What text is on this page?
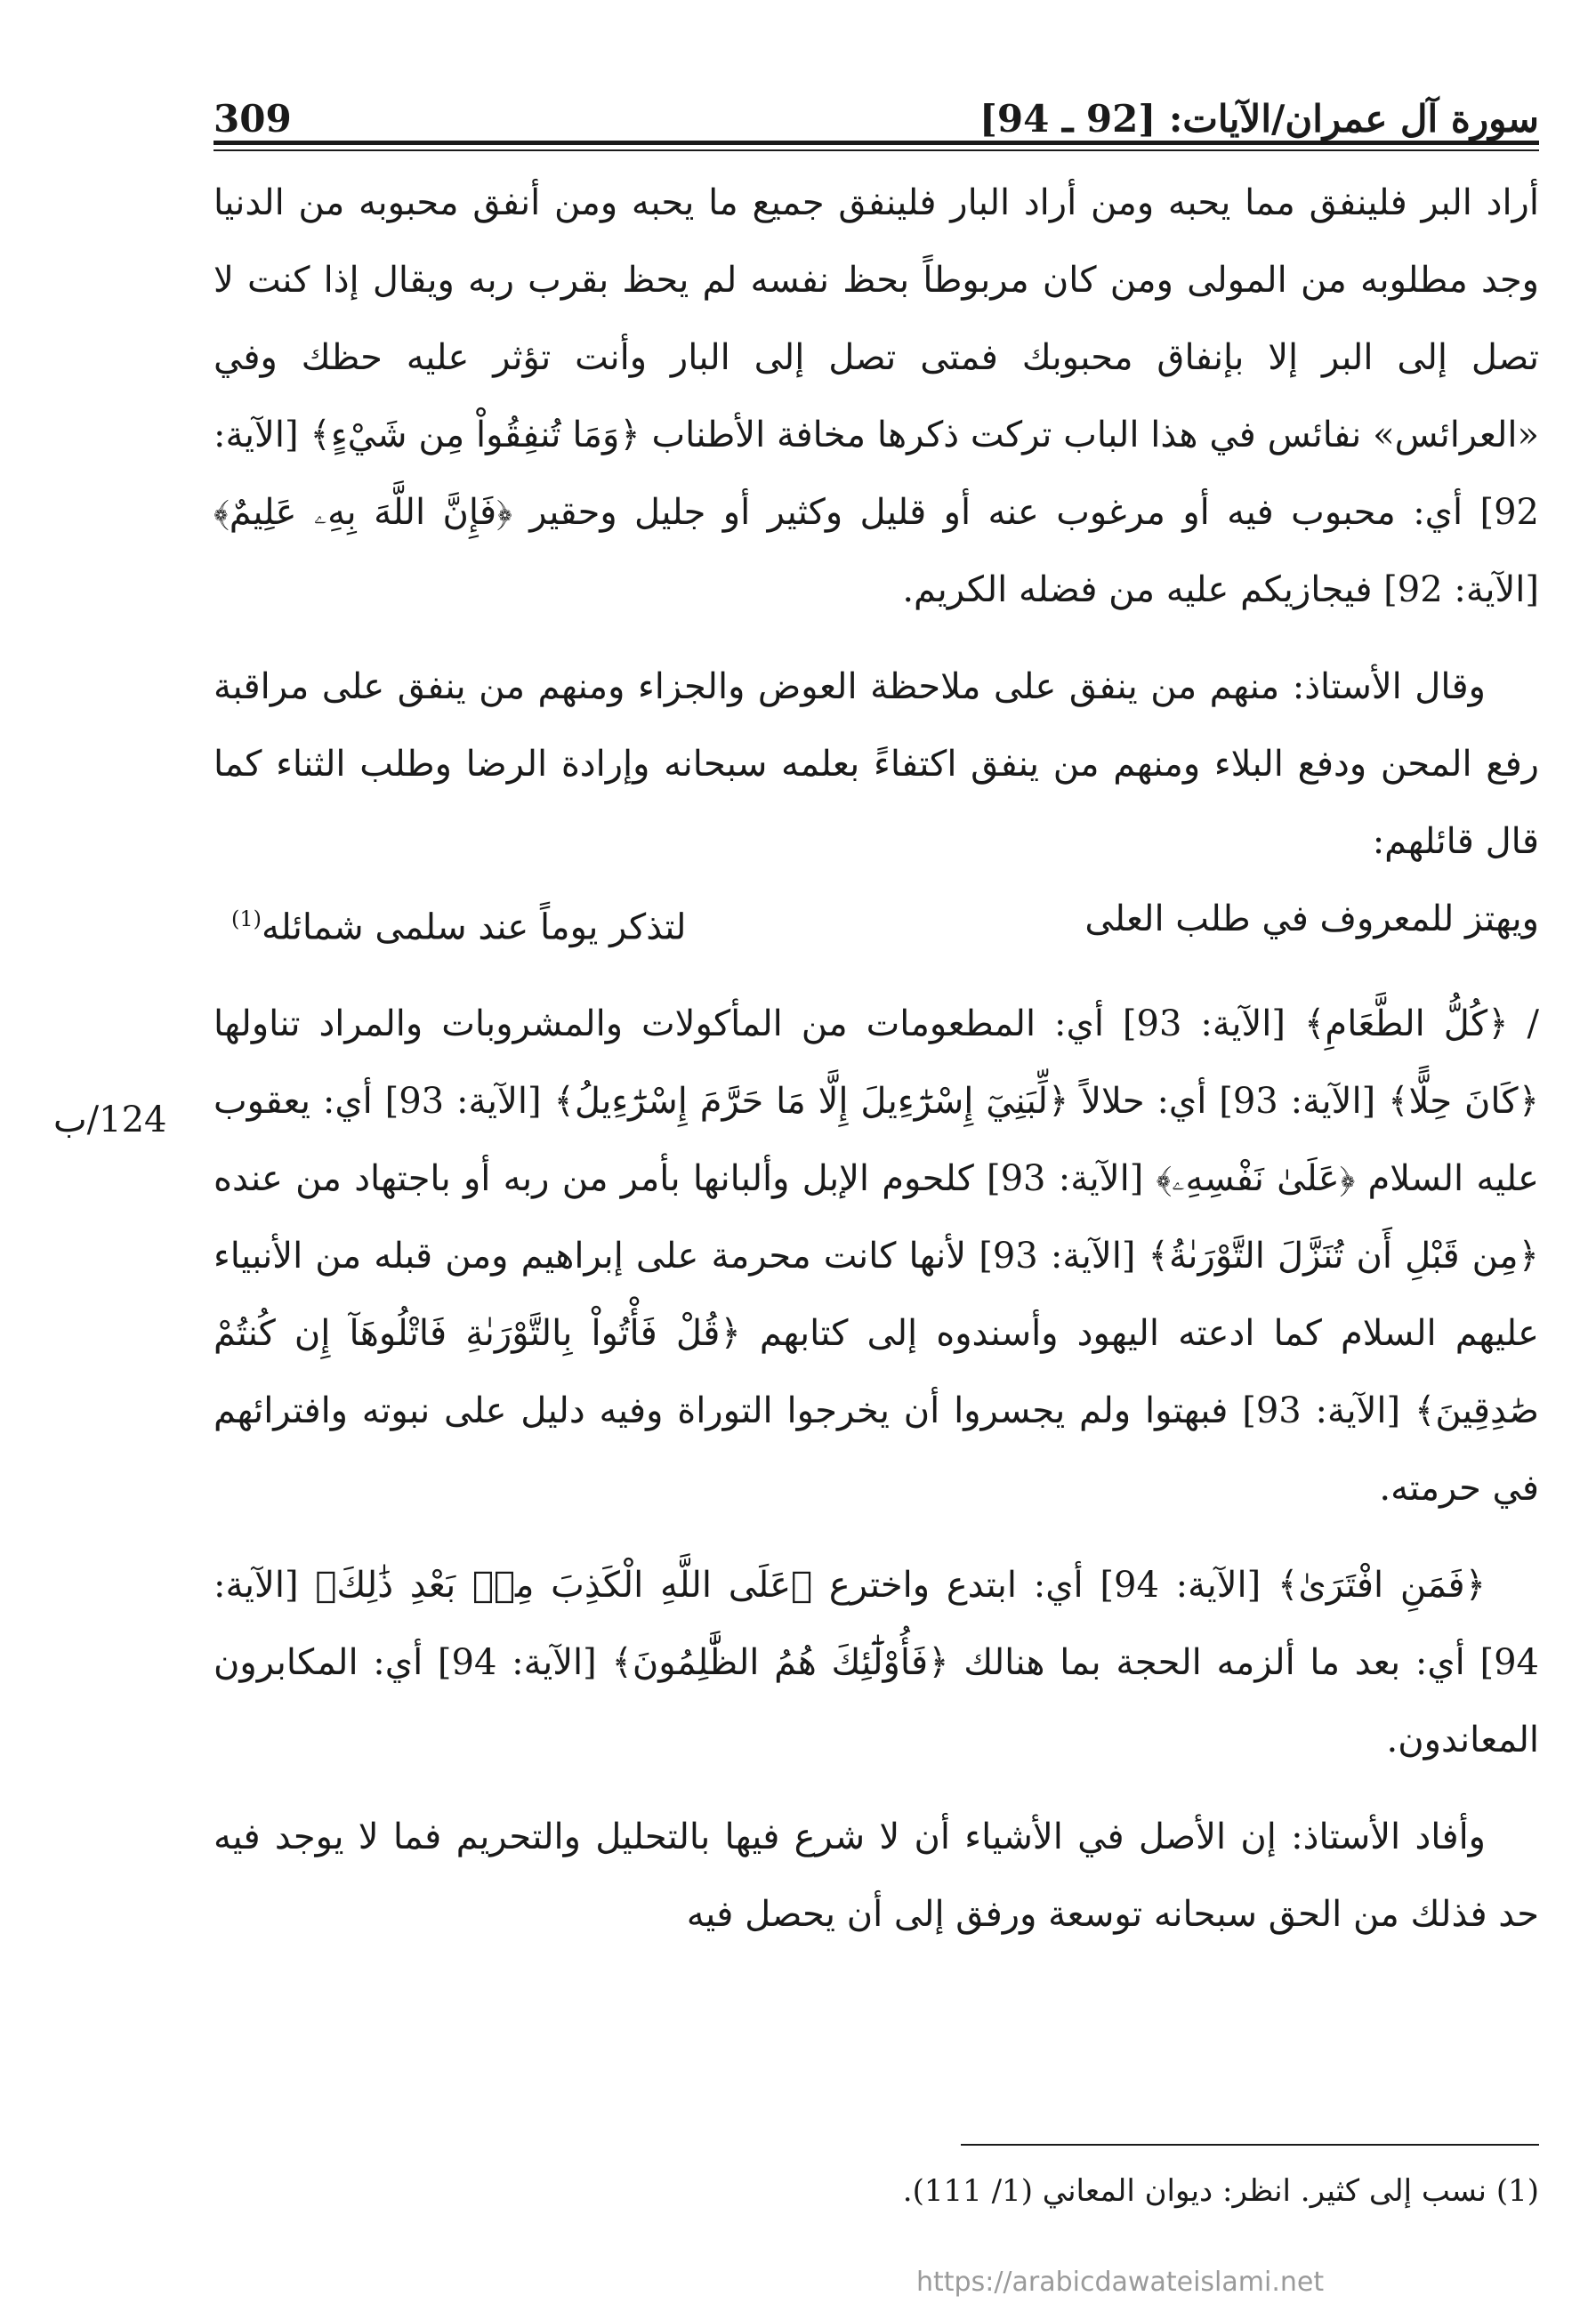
سورة آل عمران/الآيات: [92 ـ 94]
309

أراد البر فلينفق مما يحبه ومن أراد البار فلينفق جميع ما يحبه ومن أنفق محبوبه من الدنيا وجد مطلوبه من المولى ومن كان مربوطاً بحظ نفسه لم يحظ بقرب ربه ويقال إذا كنت لا تصل إلى البر إلا بإنفاق محبوبك فمتى تصل إلى البار وأنت تؤثر عليه حظك وفي «العرائس» نفائس في هذا الباب تركت ذكرها مخافة الأطناب ﴿وَمَا تُنفِقُواْ مِن شَيْءٍ﴾ [الآية: 92] أي: محبوب فيه أو مرغوب عنه أو قليل وكثير أو جليل وحقير ﴿فَإِنَّ اللَّهَ بِهِۦ عَلِيمٌ﴾ [الآية: 92] فيجازيكم عليه من فضله الكريم.

وقال الأستاذ: منهم من ينفق على ملاحظة العوض والجزاء ومنهم من ينفق على مراقبة رفع المحن ودفع البلاء ومنهم من ينفق اكتفاءً بعلمه سبحانه وإرادة الرضا وطلب الثناء كما قال قائلهم:

ويهتز للمعروف في طلب العلى
لتذكر يوماً عند سلمى شمائله$^{(1)}$

/ ﴿كُلُّ الطَّعَامِ﴾ [الآية: 93] أي: المطعومات من المأكولات والمشروبات والمراد تناولها ﴿كَانَ حِلًّا﴾ [الآية: 93] أي: حلالاً ﴿لِّبَنِيٓ إِسْرَٰٓءِيلَ إِلَّا مَا حَرَّمَ إِسْرَٰٓءِيلُ﴾ [الآية: 93] أي: يعقوب عليه السلام ﴿عَلَىٰ نَفْسِهِۦ﴾ [الآية: 93] كلحوم الإبل وألبانها بأمر من ربه أو باجتهاد من عنده ﴿مِن قَبْلِ أَن تُنَزَّلَ التَّوْرَىٰةُ﴾ [الآية: 93] لأنها كانت محرمة على إبراهيم ومن قبله من الأنبياء عليهم السلام كما ادعته اليهود وأسندوه إلى كتابهم ﴿قُلْ فَأْتُواْ بِالتَّوْرَىٰةِ فَاتْلُوهَآ إِن كُنتُمْ صَٰدِقِينَ﴾ [الآية: 93] فبهتوا ولم يجسروا أن يخرجوا التوراة وفيه دليل على نبوته وافترائهم في حرمته.

﴿فَمَنِ افْتَرَىٰ﴾ [الآية: 94] أي: ابتدع واخترع ﴿عَلَى اللَّهِ الْكَذِبَ مِنۢ بَعْدِ ذَٰلِكَ﴾ [الآية: 94] أي: بعد ما ألزمه الحجة بما هنالك ﴿فَأُوْلَٰٓئِكَ هُمُ الظَّٰلِمُونَ﴾ [الآية: 94] أي: المكابرون المعاندون.

وأفاد الأستاذ: إن الأصل في الأشياء أن لا شرع فيها بالتحليل والتحريم فما لا يوجد فيه حد فذلك من الحق سبحانه توسعة ورفق إلى أن يحصل فيه

124/ب
(1) نسب إلى كثير. انظر: ديوان المعاني (1/ 111).
https://arabicdawateislami.net
